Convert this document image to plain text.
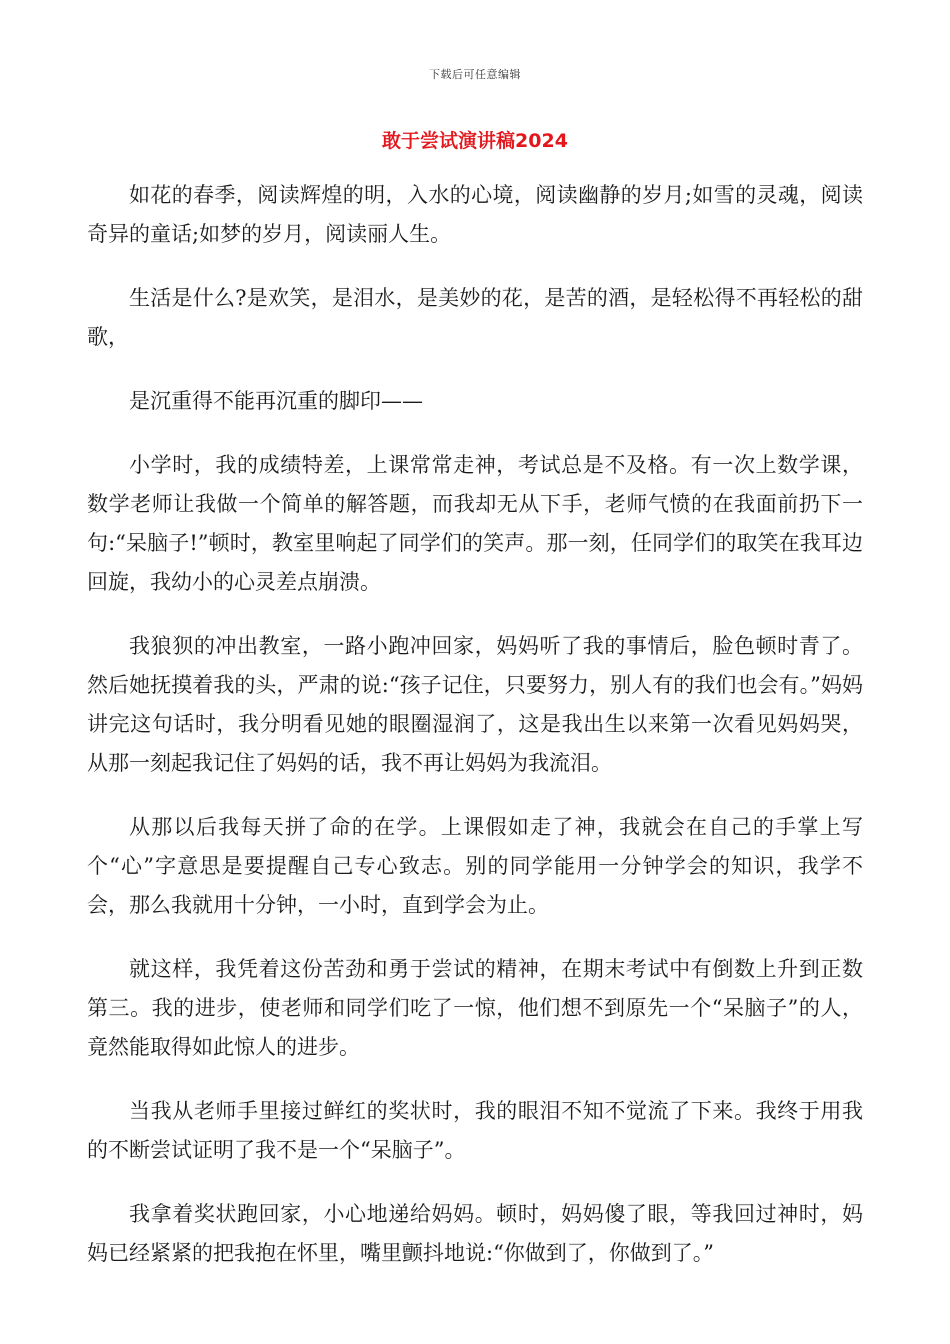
下载后可任意编辑
敢于尝试演讲稿2024

如花的春季，阅读辉煌的明，入水的心境，阅读幽静的岁月;如雪的灵魂，阅读奇异的童话;如梦的岁月，阅读丽人生。

生活是什么?是欢笑，是泪水，是美妙的花，是苦的酒，是轻松得不再轻松的甜歌，

是沉重得不能再沉重的脚印——

小学时，我的成绩特差，上课常常走神，考试总是不及格。有一次上数学课，数学老师让我做一个简单的解答题，而我却无从下手，老师气愤的在我面前扔下一句:“呆脑子!”顿时，教室里响起了同学们的笑声。那一刻，任同学们的取笑在我耳边回旋，我幼小的心灵差点崩溃。

我狼狈的冲出教室，一路小跑冲回家，妈妈听了我的事情后，脸色顿时青了。然后她抚摸着我的头，严肃的说:“孩子记住，只要努力，别人有的我们也会有。”妈妈讲完这句话时，我分明看见她的眼圈湿润了，这是我出生以来第一次看见妈妈哭，从那一刻起我记住了妈妈的话，我不再让妈妈为我流泪。

从那以后我每天拼了命的在学。上课假如走了神，我就会在自己的手掌上写个“心”字意思是要提醒自己专心致志。别的同学能用一分钟学会的知识，我学不会，那么我就用十分钟，一小时，直到学会为止。

就这样，我凭着这份苦劲和勇于尝试的精神，在期末考试中有倒数上升到正数第三。我的进步，使老师和同学们吃了一惊，他们想不到原先一个“呆脑子”的人，竟然能取得如此惊人的进步。

当我从老师手里接过鲜红的奖状时，我的眼泪不知不觉流了下来。我终于用我的不断尝试证明了我不是一个“呆脑子”。

我拿着奖状跑回家，小心地递给妈妈。顿时，妈妈傻了眼，等我回过神时，妈妈已经紧紧的把我抱在怀里，嘴里颤抖地说:“你做到了，你做到了。”
